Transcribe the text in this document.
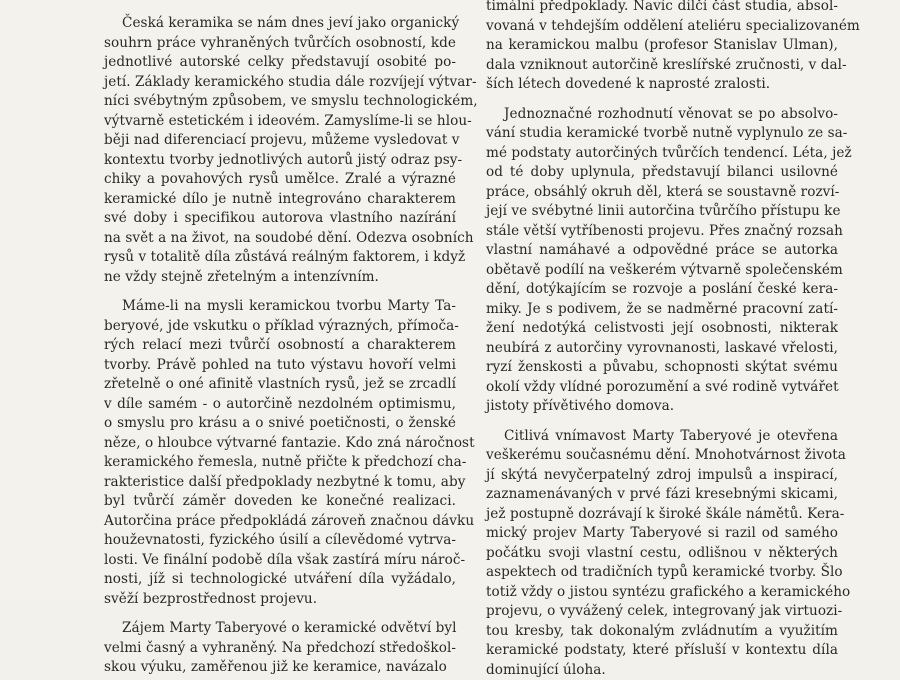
Česká keramika se nám dnes jeví jako organický
souhrn práce vyhraněných tvůrčích osobností, kde
jednotlivé autorské celky představují osobité po-
jetí. Základy keramického studia dále rozvíjejí výtvar-
níci svébytným způsobem, ve smyslu technologickém,
výtvarně estetickém i ideovém. Zamyslíme-li se hlou-
běji nad diferenciací projevu, můžeme vysledovat v
kontextu tvorby jednotlivých autorů jistý odraz psy-
chiky a povahových rysů umělce. Zralé a výrazné
keramické dílo je nutně integrováno charakterem
své doby i specifikou autorova vlastního nazírání
na svět a na život, na soudobé dění. Odezva osobních
rysů v totalitě díla zůstává reálným faktorem, i když
ne vždy stejně zřetelným a intenzívním.
Máme-li na mysli keramickou tvorbu Marty Ta-
beryové, jde vskutku o příklad výrazných, přímoča-
rých relací mezi tvůrčí osobností a charakterem
tvorby. Právě pohled na tuto výstavu hovoří velmi
zřetelně o oné afinitě vlastních rysů, jež se zrcadlí
v díle samém - o autorčině nezdolném optimismu,
o smyslu pro krásu a o snivé poetičnosti, o ženské
něze, o hloubce výtvarné fantazie. Kdo zná náročnost
keramického řemesla, nutně přičte k předchozí cha-
rakteristice další předpoklady nezbytné k tomu, aby
byl tvůrčí záměr doveden ke konečné realizaci.
Autorčina práce předpokládá zároveň značnou dávku
houževnatosti, fyzického úsilí a cílevědomé vytrva-
losti. Ve finální podobě díla však zastírá míru nároč-
nosti, jíž si technologické utváření díla vyžádalo,
svěží bezprostřednost projevu.
Zájem Marty Taberyové o keramické odvětví byl
velmi časný a vyhraněný. Na předchozí středoškol-
skou výuku, zaměřenou již ke keramice, navázalo
timální předpoklady. Navíc dílčí část studia, absol-
vovaná v tehdejším oddělení ateliéru specializovaném
na keramickou malbu (profesor Stanislav Ulman),
dala vzniknout autorčině kreslířské zručnosti, v dal-
ších létech dovedené k naprosté zralosti.
Jednoznačné rozhodnutí věnovat se po absolvo-
vání studia keramické tvorbě nutně vyplynulo ze sa-
mé podstaty autorčiných tvůrčích tendencí. Léta, jež
od té doby uplynula, představují bilanci usilovné
práce, obsáhlý okruh děl, která se soustavně rozví-
její ve svébytné linii autorčina tvůrčího přístupu ke
stále větší vytříbenosti projevu. Přes značný rozsah
vlastní namáhavé a odpovědné práce se autorka
obětavě podílí na veškerém výtvarně společenském
dění, dotýkajícím se rozvoje a poslání české kera-
miky. Je s podivem, že se nadměrné pracovní zatí-
žení nedotýká celistvosti její osobnosti, nikterak
neubírá z autorčiny vyrovnanosti, laskavé vřelosti,
ryzí ženskosti a půvabu, schopnosti skýtat svému
okolí vždy vlídné porozumění a své rodině vytvářet
jistoty přívětivého domova.
Citlivá vnímavost Marty Taberyové je otevřena
veškerému současnému dění. Mnohotvárnost života
jí skýtá nevyčerpatelný zdroj impulsů a inspirací,
zaznamenávaných v prvé fázi kresebnými skicami,
jež postupně dozrávají k široké škále námětů. Kera-
mický projev Marty Taberyové si razil od samého
počátku svoji vlastní cestu, odlišnou v některých
aspektech od tradičních typů keramické tvorby. Šlo
totiž vždy o jistou syntézu grafického a keramického
projevu, o vyvážený celek, integrovaný jak virtuozi-
tou kresby, tak dokonalým zvládnutím a využitím
keramické podstaty, které přísluší v kontextu díla
dominující úloha.
